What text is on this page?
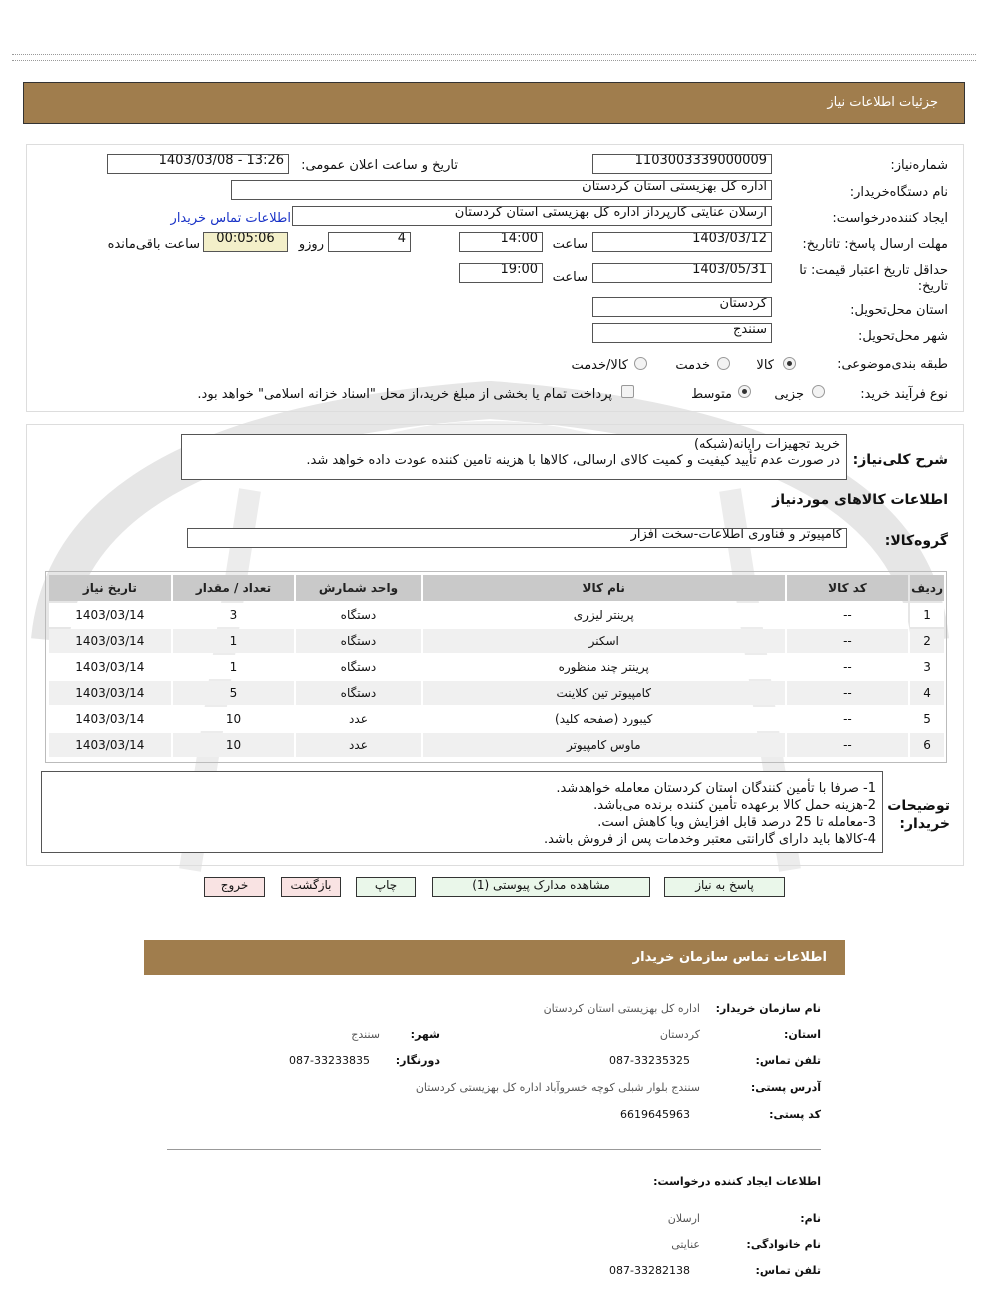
جزئیات اطلاعات نیاز
شماره‌نیاز:
1103003339000009
تاریخ و ساعت اعلان عمومی:
1403/03/08 - 13:26
نام دستگاه‌خریدار:
اداره کل بهزیستی استان کردستان
ایجاد کننده‌درخواست:
ارسلان عنایتی کارپرداز اداره کل بهزیستی استان کردستان
اطلاعات تماس خریدار
مهلت ارسال پاسخ: تاتاریخ:
1403/03/12
ساعت
14:00
4
روزو
00:05:06
ساعت باقی‌مانده
حداقل تاریخ اعتبار قیمت: تا تاریخ:
1403/05/31
ساعت
19:00
استان محل‌تحویل:
کردستان
شهر محل‌تحویل:
سنندج
طبقه بندی‌موضوعی:
کالا
خدمت
کالا/خدمت
نوع فرآیند خرید:
جزیی
متوسط
پرداخت تمام یا بخشی از مبلغ خرید،از محل "اسناد خزانه اسلامی" خواهد بود.
شرح کلی‌نیاز:
خرید تجهیزات رایانه(شبکه)
در صورت عدم تأیید کیفیت و کمیت کالای ارسالی، کالاها با هزینه تامین کننده عودت داده خواهد شد.
اطلاعات کالاهای مورد‌نیاز
گروه‌کالا:
کامپیوتر و فناوری اطلاعات-سخت افزار
ردیف	کد کالا	نام کالا	واحد شمارش	تعداد / مقدار	تاریخ نیاز
1	--	پرینتر لیزری	دستگاه	3	1403/03/14
2	--	اسکنر	دستگاه	1	1403/03/14
3	--	پرینتر چند منظوره	دستگاه	1	1403/03/14
4	--	کامپیوتر تین کلاینت	دستگاه	5	1403/03/14
5	--	کیبورد (صفحه کلید)	عدد	10	1403/03/14
6	--	ماوس کامپیوتر	عدد	10	1403/03/14
توضیحات
خریدار:
1- صرفا با تأمین کنندگان استان کردستان معامله خواهدشد.
2-هزینه حمل کالا برعهده تأمین کننده برنده می‌باشد.
3-معامله تا 25 درصد قابل افزایش ویا کاهش است.
4-کالاها باید دارای گارانتی معتبر وخدمات پس از فروش باشد.
پاسخ به نیاز
مشاهده مدارک پیوستی (1)
چاپ
بازگشت
خروج
اطلاعات تماس سازمان خریدار
نام سازمان خریدار:
اداره کل بهزیستی استان کردستان
استان:
کردستان
شهر:
سنندج
تلفن تماس:
087-33235325
دورنگار:
087-33233835
آدرس پستی:
سنندج بلوار شبلی کوچه خسروآباد اداره کل بهزیستی کردستان
کد پستی:
6619645963
اطلاعات ایجاد کننده درخواست:
نام:
ارسلان
نام خانوادگی:
عنایتی
تلفن تماس:
087-33282138
